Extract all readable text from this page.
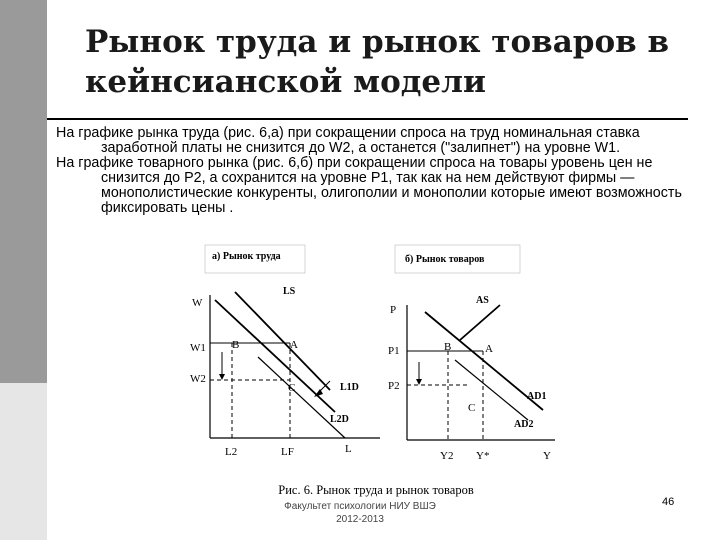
Рынок труда и рынок товаров в кейнсианской модели

На графике рынка труда (рис. 6,а) при сокращении спроса на труд номинальная ставка заработной платы не снизится до W2, а останется ("залипнет") на уровне W1.

На графике товарного рынка (рис. 6,б) при сокращении спроса на товары уровень цен не снизится до P2, а сохранится на уровне P1, так как на нем действуют фирмы — монополистические конкуренты, олигополии и монополии которые имеют возможность фиксировать цены .

а) Рынок труда
W
L
W1
W2
L2	LF
B	A
C
LS
L1D
L2D
б) Рынок товаров
P
Y
P1
P2
Y2 Y*
B	A
C
AS
AD1
AD2
Рис. 6. Рынок труда и рынок товаров
Факультет психологии НИУ ВШЭ
2012-2013
46
